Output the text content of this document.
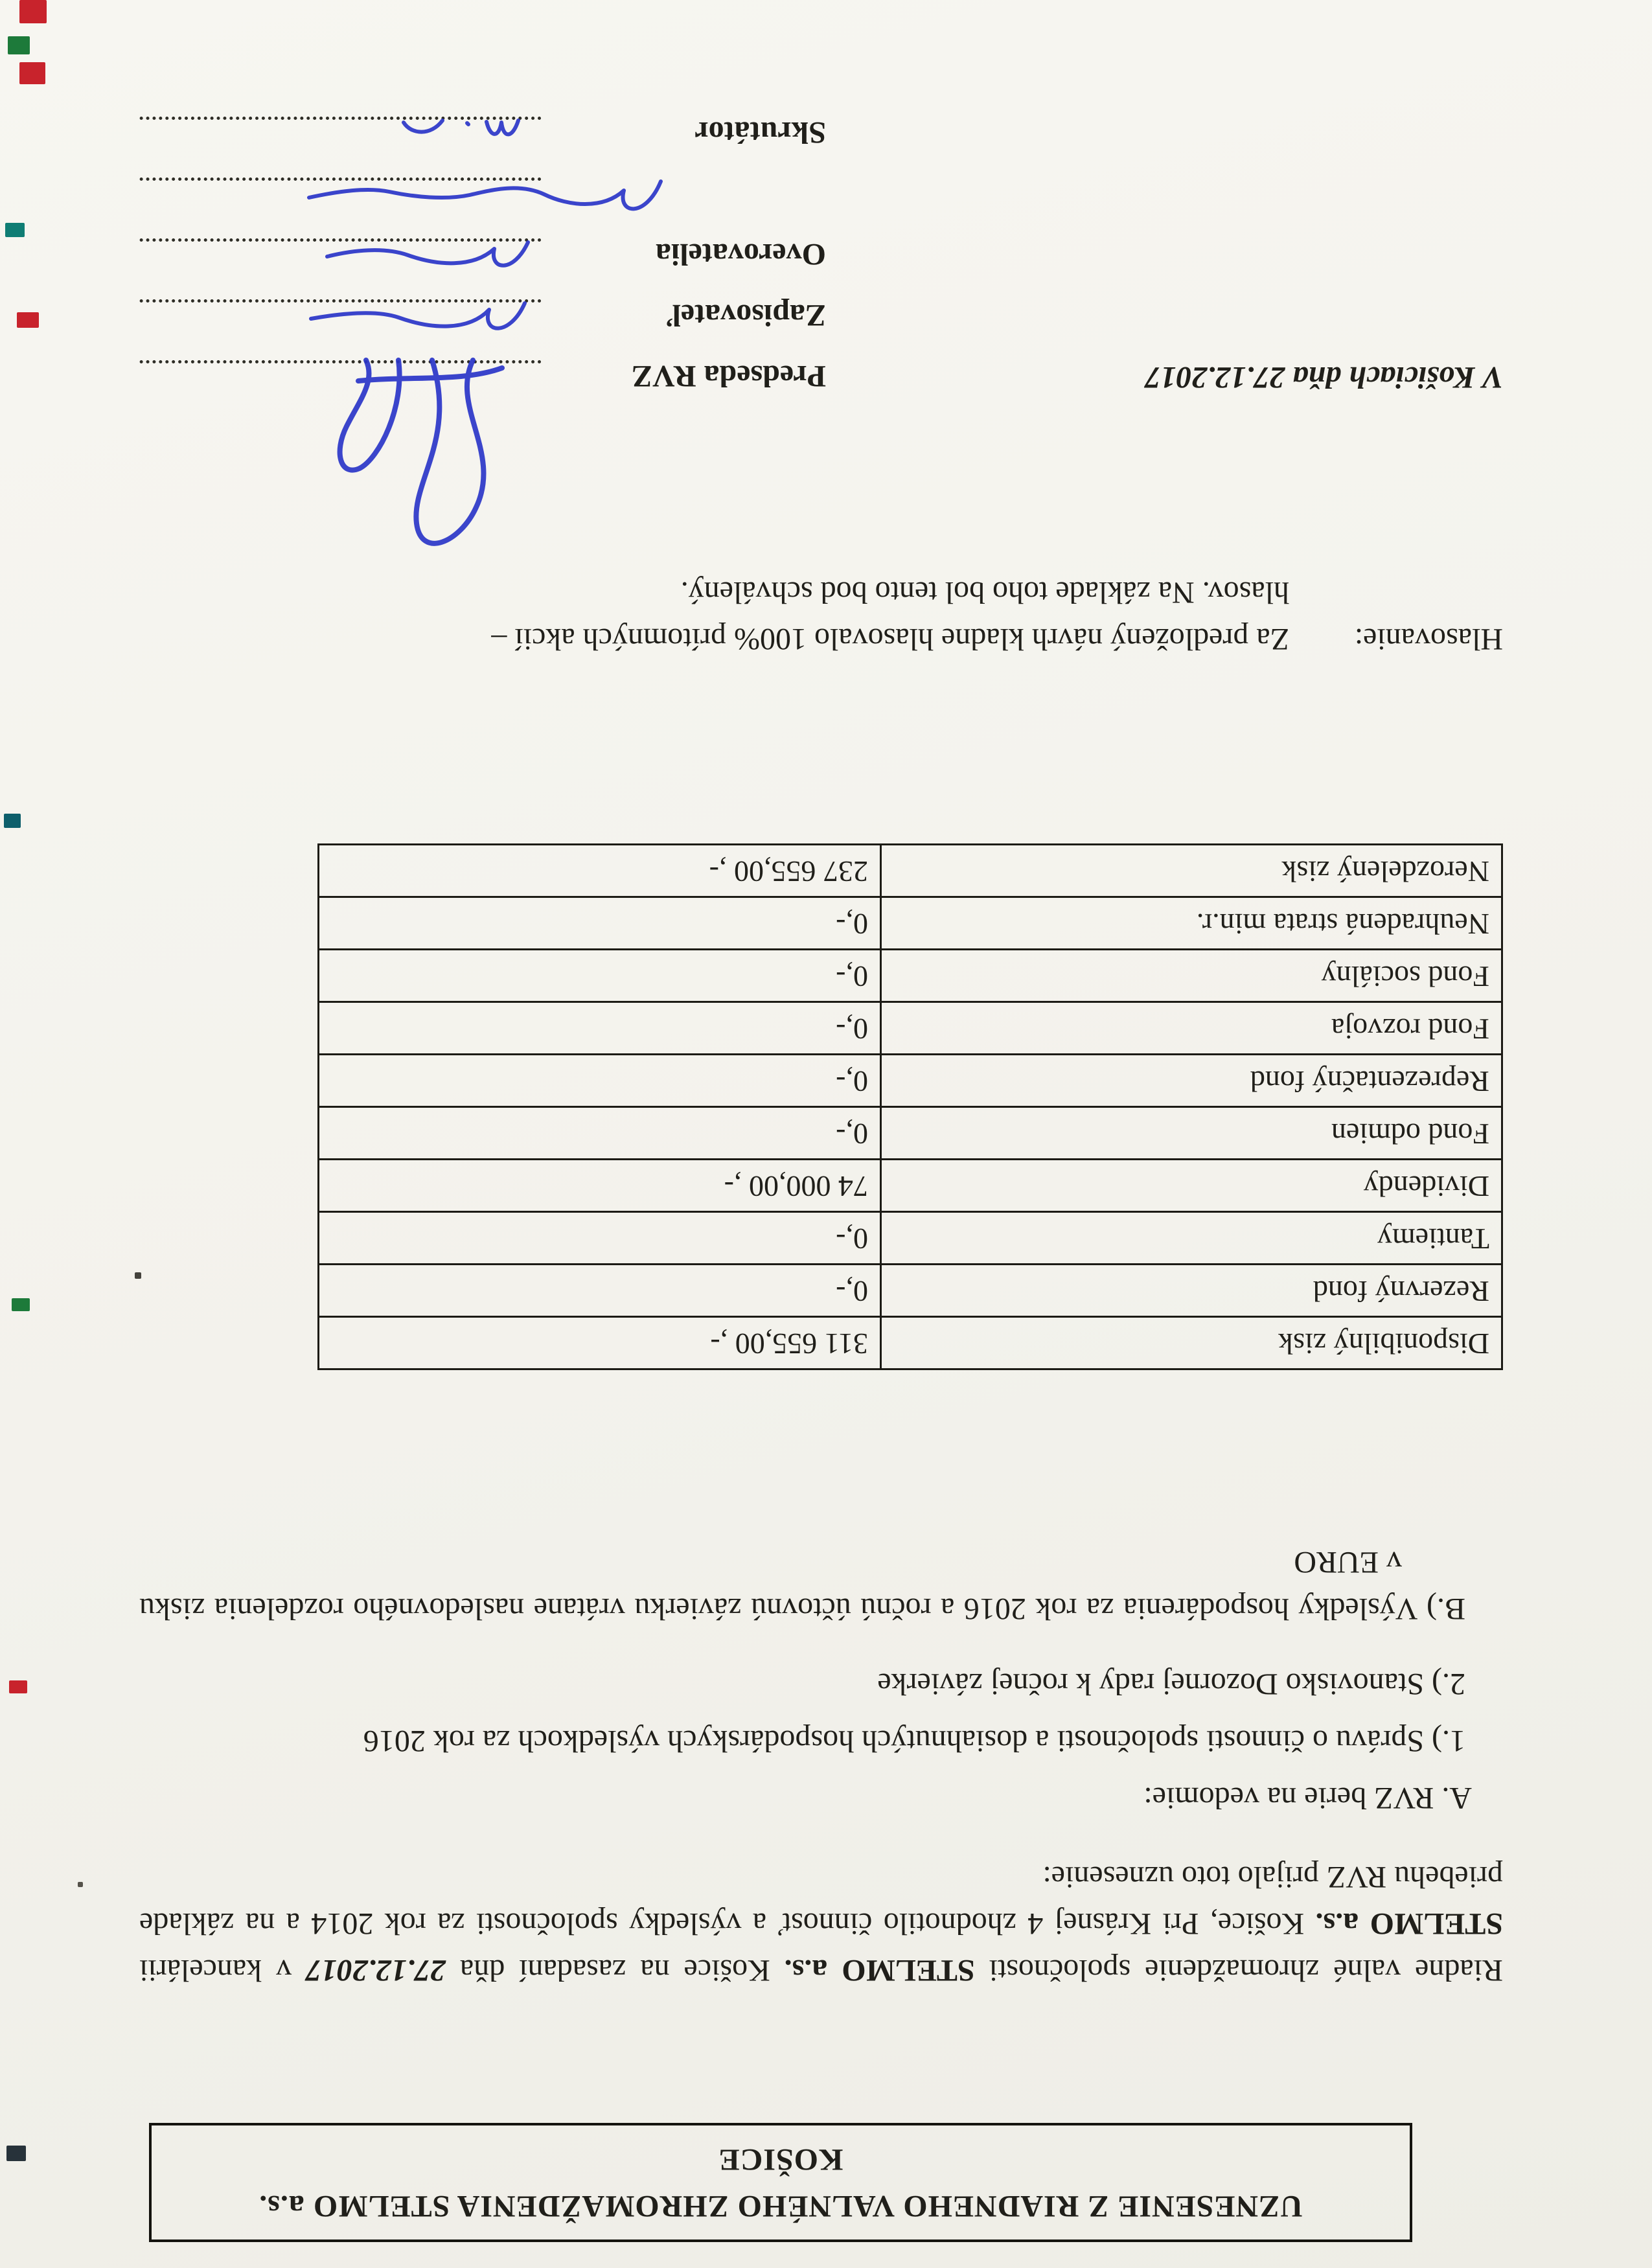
UZNESENIE Z RIADNEHO VALNÉHO ZHROMAŽDENIA STELMO a.s.
KOŠICE

Riadne valné zhromaždenie spoločnosti STELMO a.s. Košice na zasadaní dňa 27.12.2017 v kancelárii STELMO a.s. Košice, Pri Krásnej 4 zhodnotilo činnosť a výsledky spoločnosti za rok 2014 a na základe priebehu RVZ prijalo toto uznesenie:

A. RVZ berie na vedomie:
1.) Správu o činnosti spoločnosti a dosiahnutých hospodárskych výsledkoch za rok 2016
2.) Stanovisko Dozornej rady k ročnej závierke
B.) Výsledky hospodárenia za rok 2016 a ročnú účtovnú závierku vrátane nasledovného rozdelenia zisku v EURO
Disponibilný zisk	311 655,00 ,-
Rezervný fond	0,-
Tantiemy	0,-
Dividendy	74 000,00 ,-
Fond odmien	0,-
Reprezentačný fond	0,-
Fond rozvoja	0,-
Fond sociálny	0,-
Neuhradená strata min.r.	0,-
Nerozdelený zisk	237 655,00 ,-
Hlasovanie:
Za predložený návrh kladne hlasovalo 100% prítomných akcií –
hlasov. Na základe toho bol tento bod schválený.
V Košiciach dňa 27.12.2017
Predseda RVZ
Zapisovateľ
Overovatelia
Skrutátor
